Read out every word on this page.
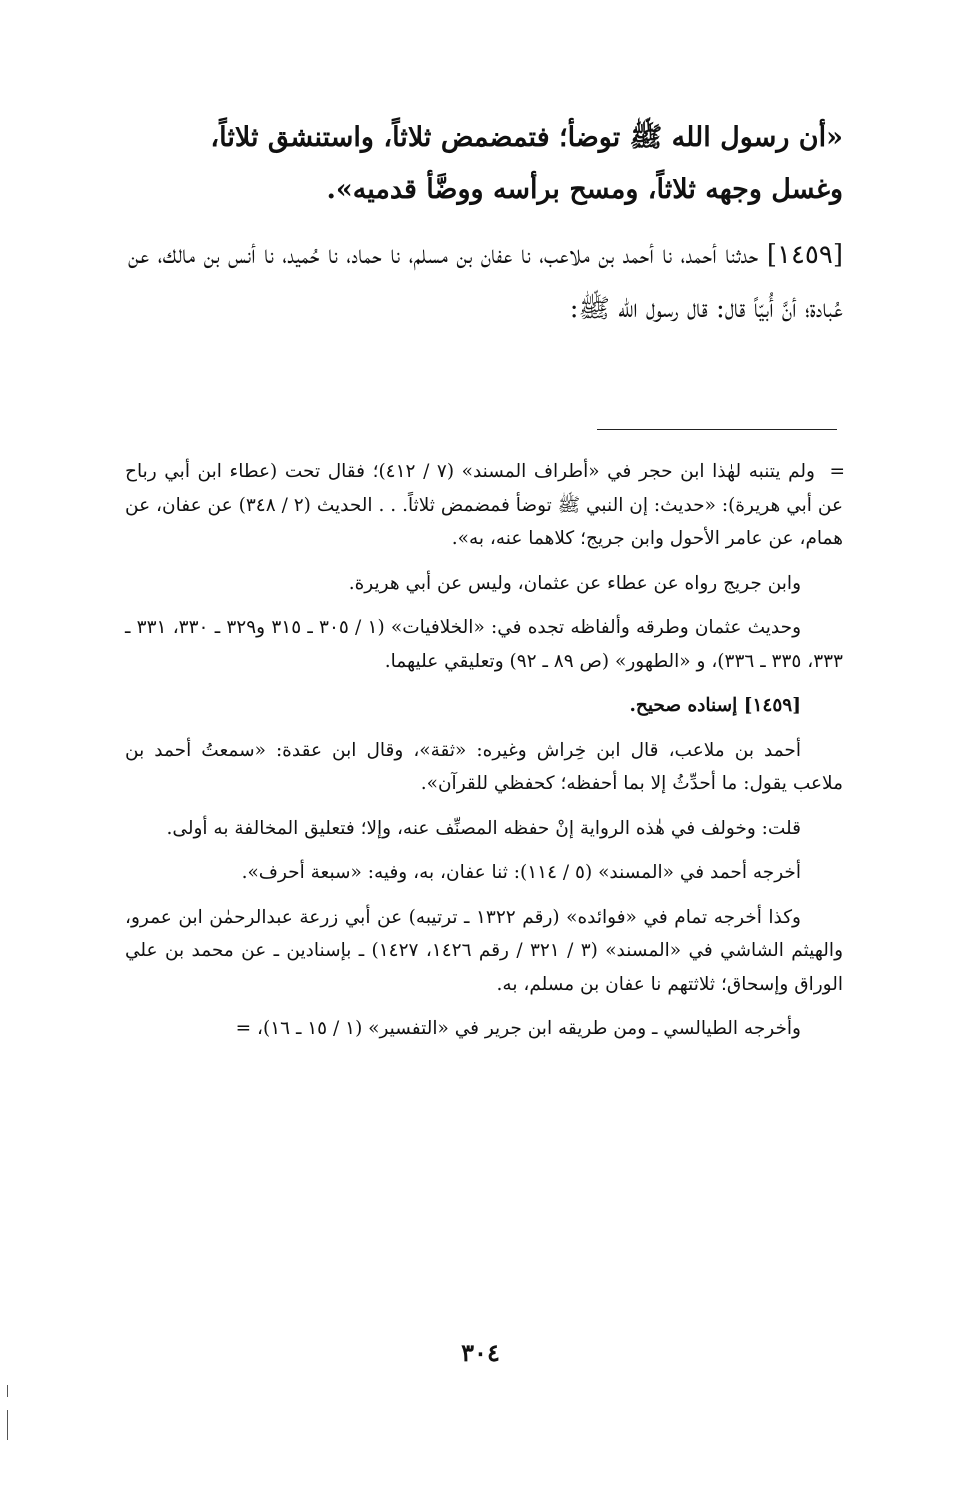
«أن رسول الله ﷺ توضأ؛ فتمضمض ثلاثاً، واستنشق ثلاثاً،
وغسل وجهه ثلاثاً، ومسح برأسه ووضَّأ قدميه».

[١٤٥٩] حدثنا أحمد، نا أحمد بن ملاعب، نا عفان بن مسلم، نا حماد، نا حُميد، نا أنس بن مالك، عن عُبادة؛ أنَّ أُبيّاً قال: قال رسول الله ﷺ:

=
ولم يتنبه لهٰذا ابن حجر في «أطراف المسند» (٧ / ٤١٢)؛ فقال تحت (عطاء ابن أبي رباح عن أبي هريرة): «حديث: إن النبي ﷺ توضأ فمضمض ثلاثاً. . . الحديث (٢ / ٣٤٨) عن عفان، عن همام، عن عامر الأحول وابن جريج؛ كلاهما عنه، به».

وابن جريج رواه عن عطاء عن عثمان، وليس عن أبي هريرة.

وحديث عثمان وطرقه وألفاظه تجده في: «الخلافيات» (١ / ٣٠٥ ـ ٣١٥ و٣٢٩ ـ ٣٣٠، ٣٣١ ـ ٣٣٣، ٣٣٥ ـ ٣٣٦)، و «الطهور» (ص ٨٩ ـ ٩٢) وتعليقي عليهما.

[١٤٥٩] إسناده صحيح.

أحمد بن ملاعب، قال ابن خِراش وغيره: «ثقة»، وقال ابن عقدة: «سمعتُ أحمد بن ملاعب يقول: ما أحدِّثُ إلا بما أحفظه؛ كحفظي للقرآن».

قلت: وخولف في هٰذه الرواية إنْ حفظه المصنِّف عنه، وإلا؛ فتعليق المخالفة به أولى.

أخرجه أحمد في «المسند» (٥ / ١١٤): ثنا عفان، به، وفيه: «سبعة أحرف».

وكذا أخرجه تمام في «فوائده» (رقم ١٣٢٢ ـ ترتيبه) عن أبي زرعة عبدالرحمٰن ابن عمرو، والهيثم الشاشي في «المسند» (٣ / ٣٢١ / رقم ١٤٢٦، ١٤٢٧) ـ بإسنادين ـ عن محمد بن علي الوراق وإسحاق؛ ثلاثتهم نا عفان بن مسلم، به.

وأخرجه الطيالسي ـ ومن طريقه ابن جرير في «التفسير» (١ / ١٥ ـ ١٦)، =

٣٠٤
